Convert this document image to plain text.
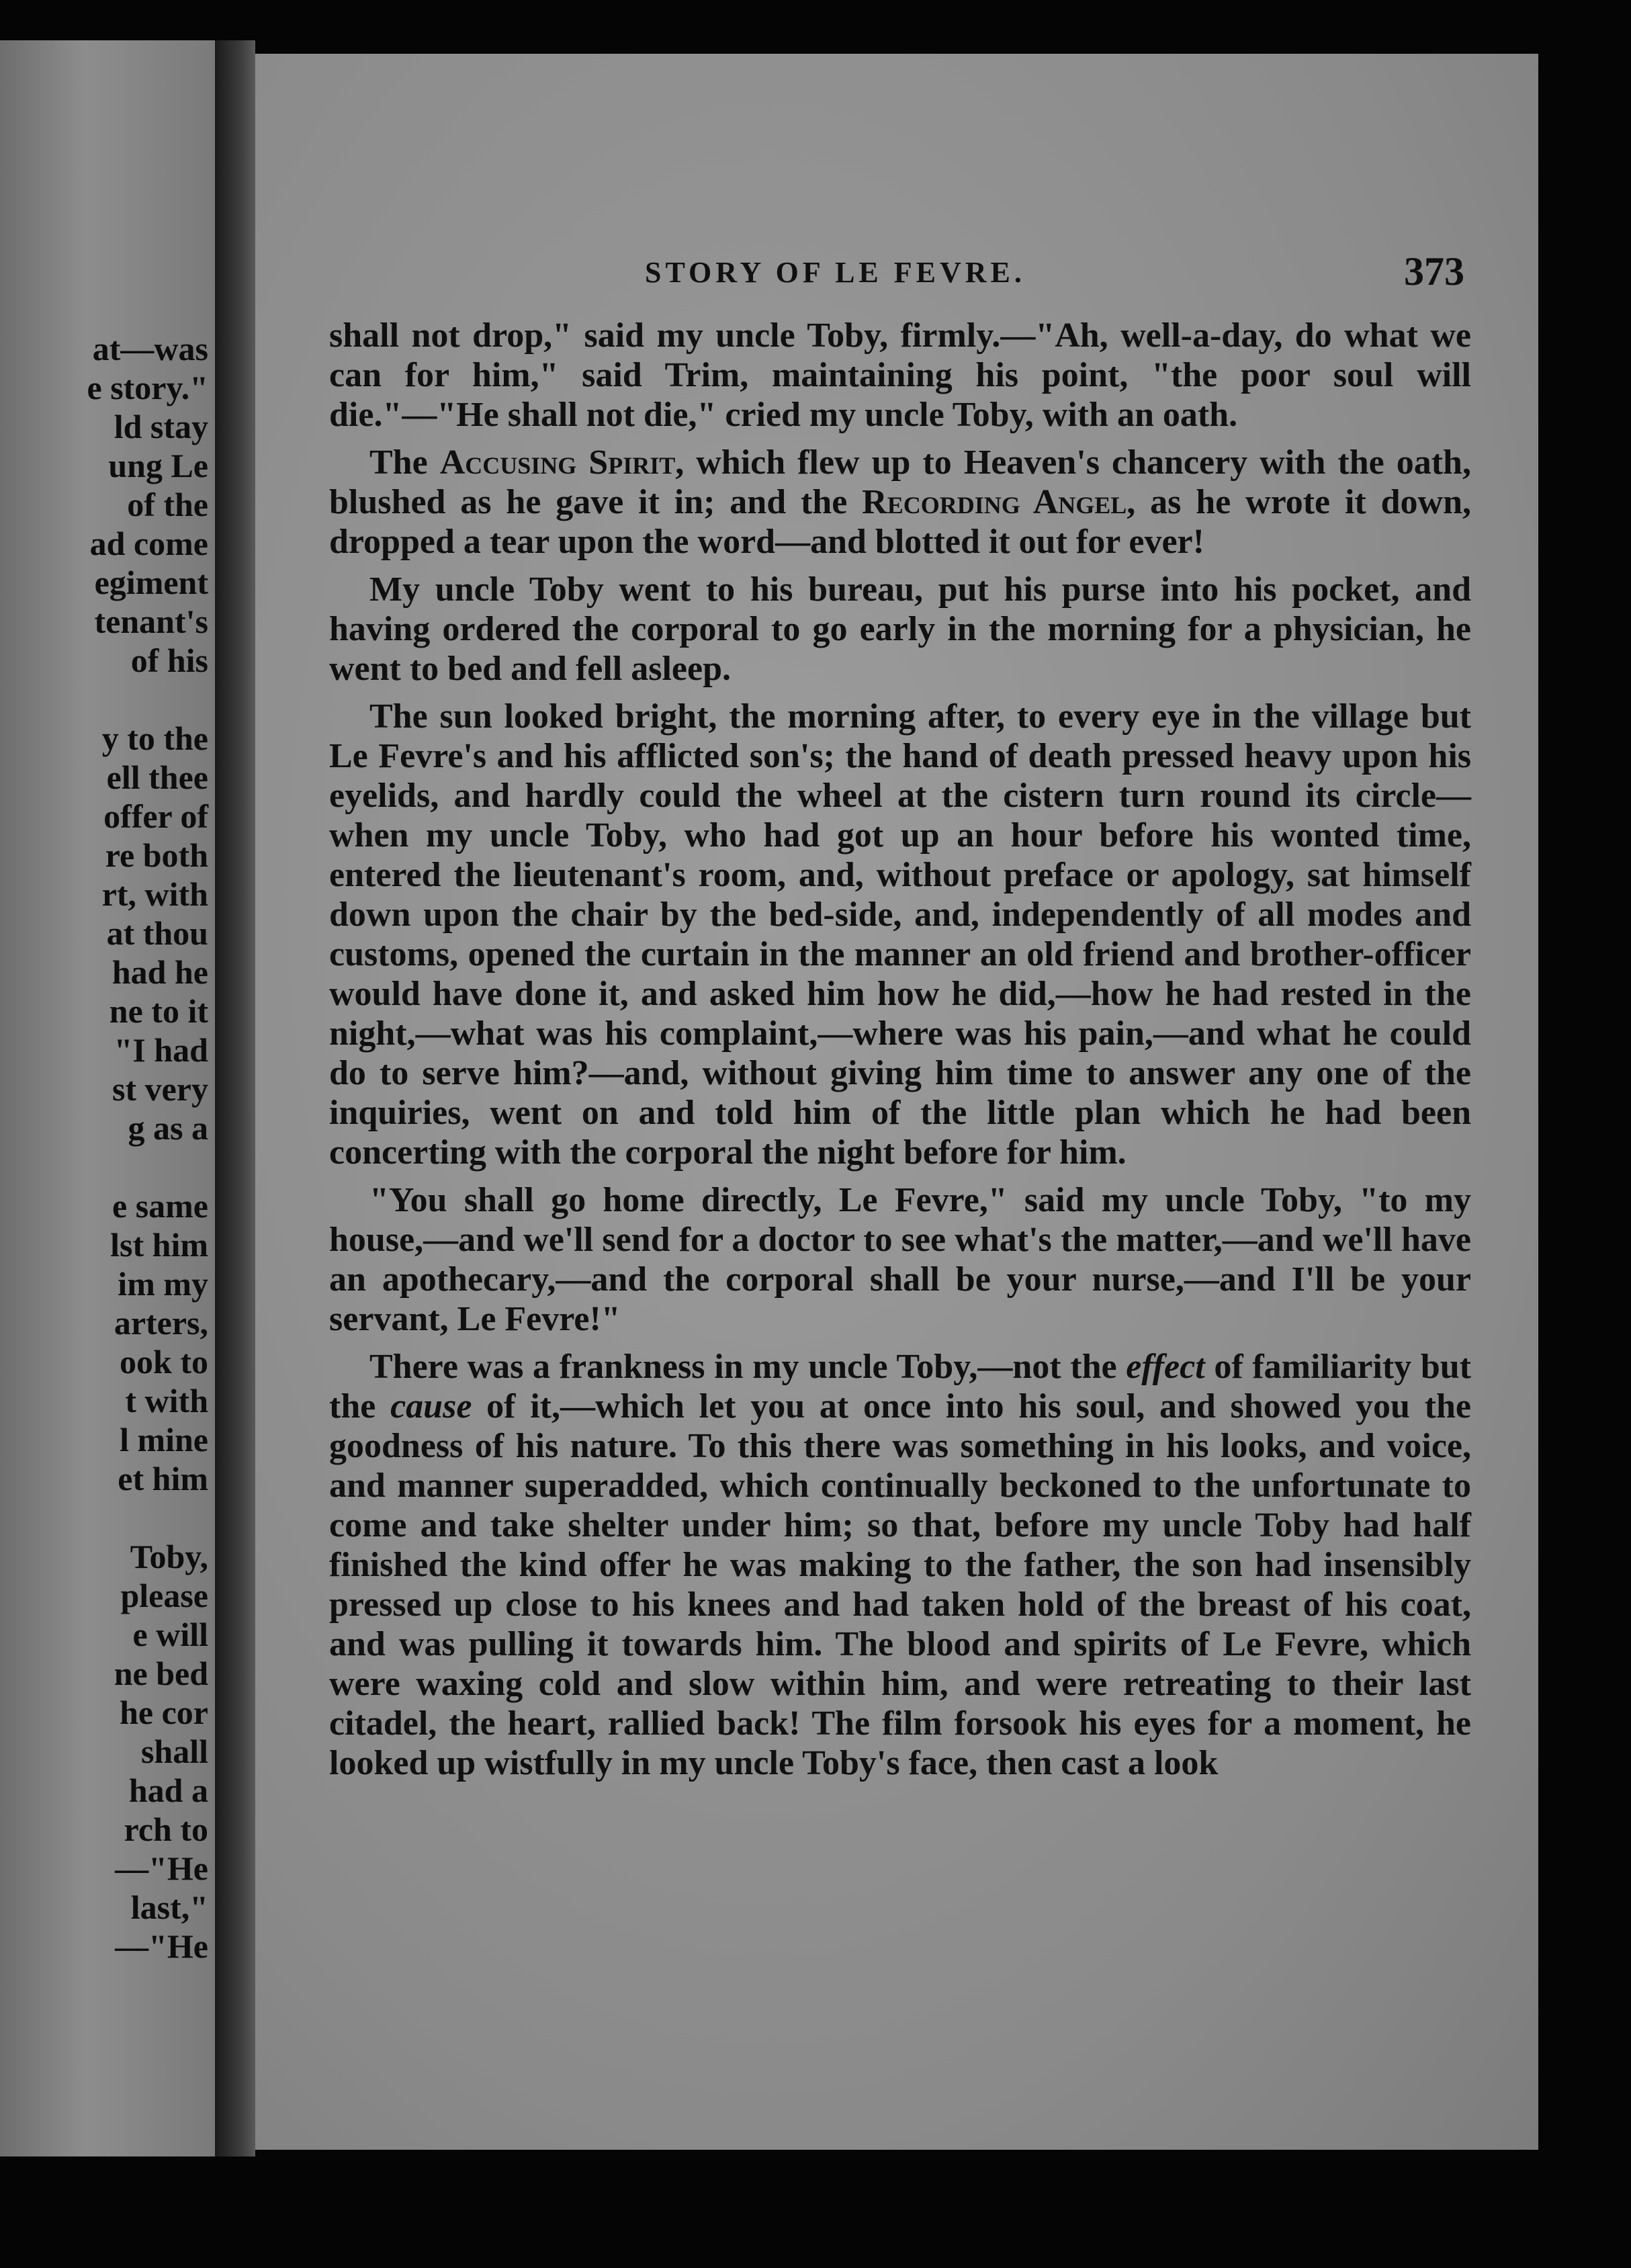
at—was
e story."
ld stay
ung Le
of the
ad come
egiment
tenant's
of his
y to the
ell thee
offer of
re both
rt, with
at thou
had he
ne to it
"I had
st very
g as a
e same
lst him
im my
arters,
ook to
t with
l mine
et him
Toby,
please
e will
ne bed
he cor
shall
had a
rch to
—"He
last,"
—"He
STORY OF LE FEVRE.	373

shall not drop," said my uncle Toby, firmly.—"Ah, well-a-day, do what we can for him," said Trim, maintaining his point, "the poor soul will die."—"He shall not die," cried my uncle Toby, with an oath.

The Accusing Spirit, which flew up to Heaven's chancery with the oath, blushed as he gave it in; and the Recording Angel, as he wrote it down, dropped a tear upon the word—and blotted it out for ever!

My uncle Toby went to his bureau, put his purse into his pocket, and having ordered the corporal to go early in the morning for a physician, he went to bed and fell asleep.

The sun looked bright, the morning after, to every eye in the village but Le Fevre's and his afflicted son's; the hand of death pressed heavy upon his eyelids, and hardly could the wheel at the cistern turn round its circle—when my uncle Toby, who had got up an hour before his wonted time, entered the lieutenant's room, and, without preface or apology, sat himself down upon the chair by the bed-side, and, independently of all modes and customs, opened the curtain in the manner an old friend and brother-officer would have done it, and asked him how he did,—how he had rested in the night,—what was his complaint,—where was his pain,—and what he could do to serve him?—and, without giving him time to answer any one of the inquiries, went on and told him of the little plan which he had been concerting with the corporal the night before for him.

"You shall go home directly, Le Fevre," said my uncle Toby, "to my house,—and we'll send for a doctor to see what's the matter,—and we'll have an apothecary,—and the corporal shall be your nurse,—and I'll be your servant, Le Fevre!"

There was a frankness in my uncle Toby,—not the effect of familiarity but the cause of it,—which let you at once into his soul, and showed you the goodness of his nature. To this there was something in his looks, and voice, and manner superadded, which continually beckoned to the unfortunate to come and take shelter under him; so that, before my uncle Toby had half finished the kind offer he was making to the father, the son had insensibly pressed up close to his knees and had taken hold of the breast of his coat, and was pulling it towards him. The blood and spirits of Le Fevre, which were waxing cold and slow within him, and were retreating to their last citadel, the heart, rallied back! The film forsook his eyes for a moment, he looked up wistfully in my uncle Toby's face, then cast a look
